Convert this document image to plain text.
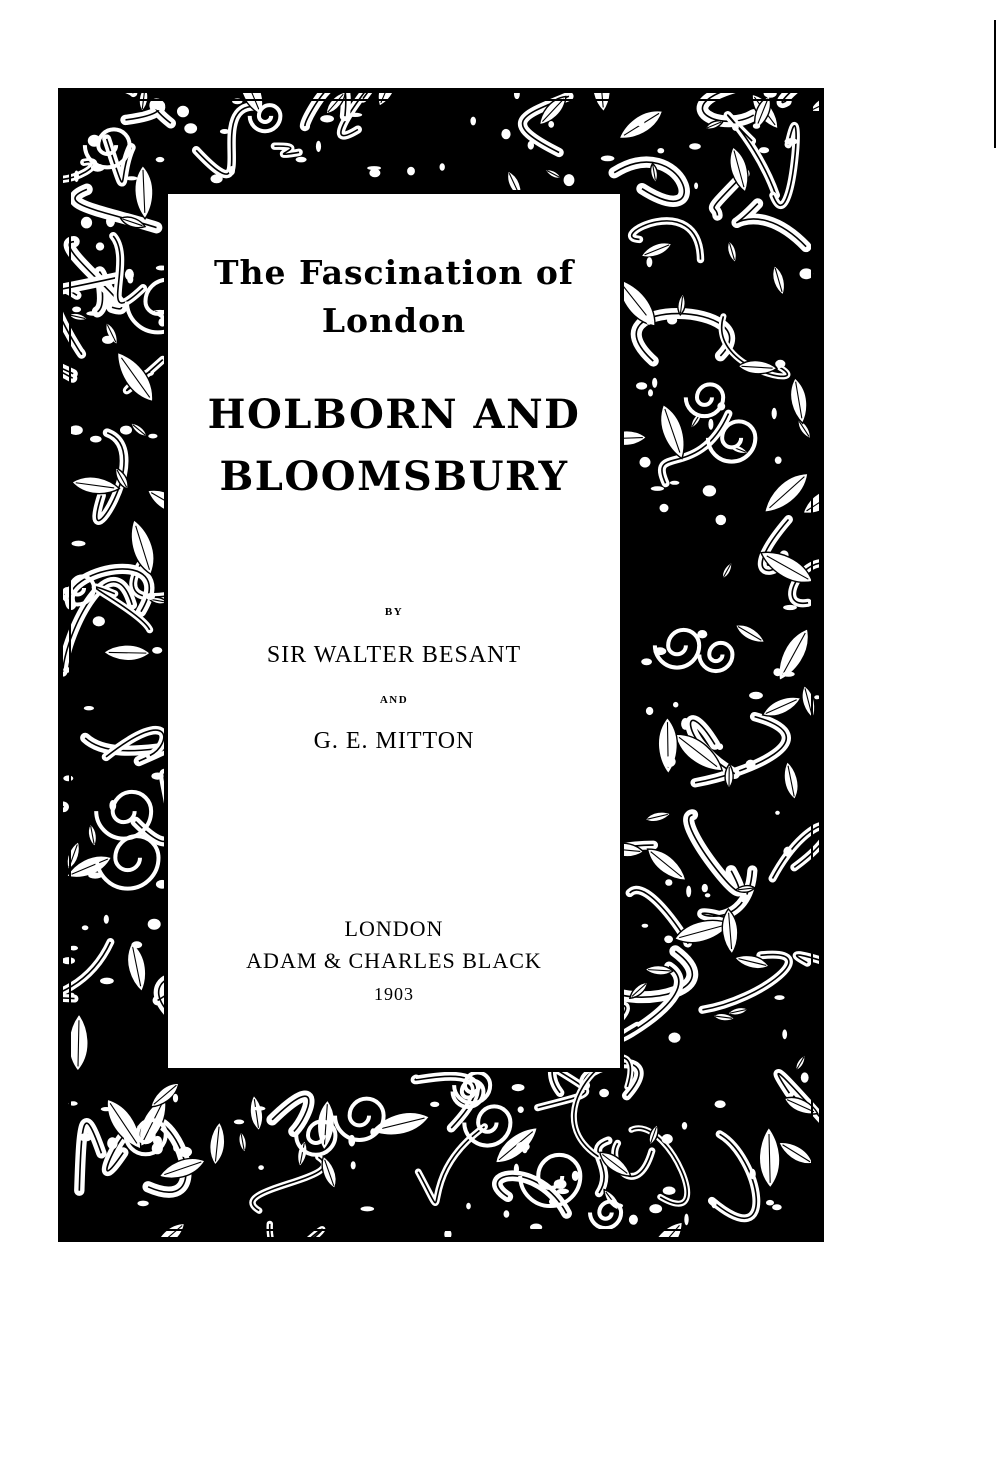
The Fascination of
London
HOLBORN AND
BLOOMSBURY
BY
SIR WALTER BESANT
AND
G. E. MITTON
LONDON
ADAM & CHARLES BLACK
1903
